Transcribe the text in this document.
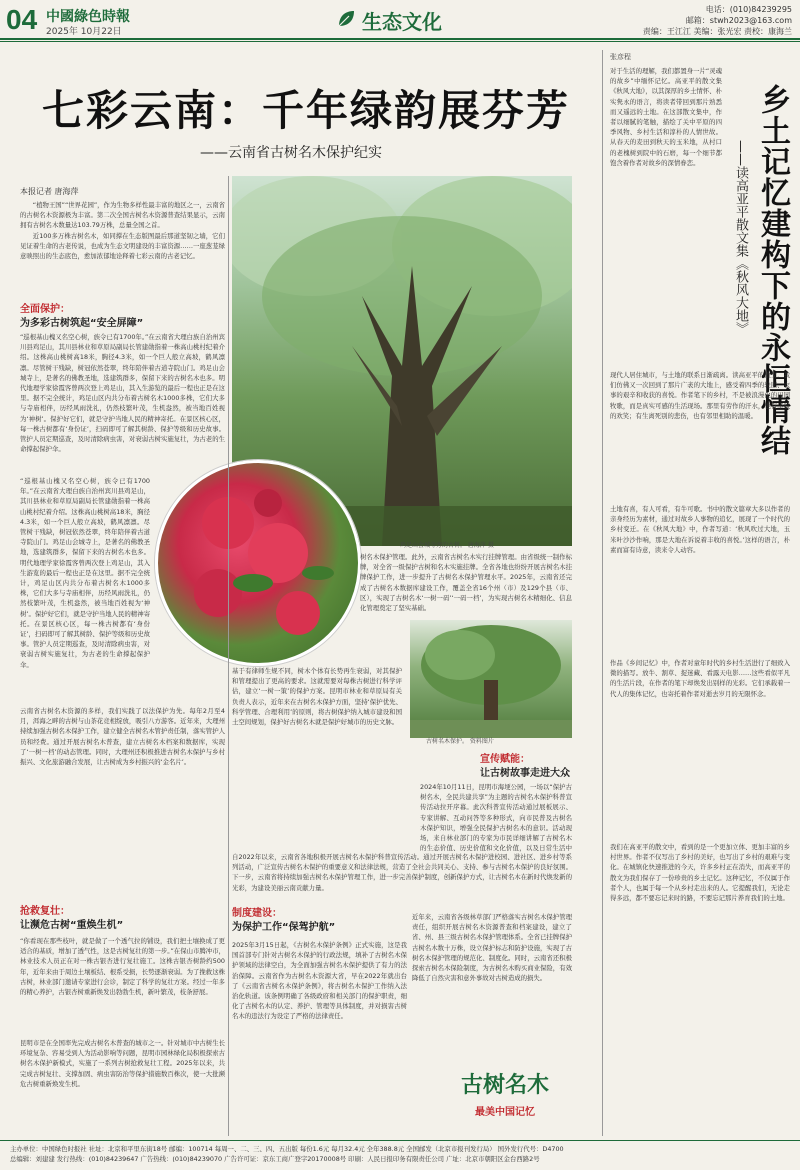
04 中國綠色時報
2025年 10月22日	生态文化
电话：(010)84239295
邮箱：stwh2023@163.com
责编：王江江 美编：张光宏 责校：康海兰
七彩云南：千年绿韵展芬芳
——云南省古树名木保护纪实
本报记者 唐海萍

“植物王国”“世界花园”，作为生物多样性最丰富的地区之一，云南省的古树名木资源极为丰富。第二次全国古树名木资源普查结果显示，云南拥有古树名木数量达103.79万株，总量全国之首。

近100多万株古树名木，如同撑在生态版图最后那道坚韧之墙，它们见证着生命的古老传说，也成为生态文明建设的丰富资源……一座葱茏绿意映照出的生态底色，愈加浓郁地诠释着七彩云南的古老记忆。

全面保护：
为多彩古树筑起“安全屏障”
“巡根基山槐又名空心树，族令已有1700年。”在云南省大理白族自治州宾川县鸡足山，其川县林业和草原局副局长管建勋指着一株高山桃村纪着介绍。这株高山桃树高18米，胸径4.3米，如一个巨人般立高坡，鹤风凛凛。尽管树干残缺，树冠依然苍翠，终年陪伴着古道寺院山门。鸡足山会城寺上，是著名的佛教圣地，选建筑群多，保留下来的古树名木也多。明代地理学家徐霞客曾两次登上鸡足山，其入生游览的最后一程也正是在这里。据不完全统计，鸡足山区内共分布着古树名木1000多株，它们大多与寺庙相伴，历经风雨洗礼，仍然枝繁叶茂，生机盎然，被当地百姓视为‘神树’。保护好它们，就是守护当地人民的精神寄托。在景区核心区，每一株古树都有‘身份证’，扫码即可了解其树龄、保护等级和历史故事。管护人员定期巡查，及时清除病虫害，对衰弱古树实施复壮，为古老的生命撑起保护伞。
“巡根基山槐又名空心树，族令已有1700年。”在云南省大理白族自治州宾川县鸡足山，其川县林业和草原局副局长管建勋指着一株高山桃村纪着介绍。这株高山桃树高18米，胸径4.3米，如一个巨人般立高坡，鹤风凛凛。尽管树干残缺，树冠依然苍翠，终年陪伴着古道寺院山门。鸡足山会城寺上，是著名的佛教圣地，选建筑群多，保留下来的古树名木也多。明代地理学家徐霞客曾两次登上鸡足山，其入生游览的最后一程也正是在这里。据不完全统计，鸡足山区内共分布着古树名木1000多株，它们大多与寺庙相伴，历经风雨洗礼，仍然枝繁叶茂，生机盎然，被当地百姓视为‘神树’。保护好它们，就是守护当地人民的精神寄托。在景区核心区，每一株古树都有‘身份证’，扫码即可了解其树龄、保护等级和历史故事。管护人员定期巡查，及时清除病虫害，对衰弱古树实施复壮，为古老的生命撑起保护伞。
云南省古树名木资源的多样，我们实践了以法保护为先。每年2月至4月，洱海之畔的古树与山茶花竞相绽放，吸引八方游客。近年来，大理州持续加强古树名木保护工作，建立健全古树名木管护责任制，落实管护人员和经费。通过开展古树名木普查，建立古树名木档案和数据库，实现了‘一树一档’的动态管理。同时，大理州还积极推进古树名木保护与乡村振兴、文化旅游融合发展，让古树成为乡村振兴的‘金名片’。
抢救复壮：
让濒危古树“重焕生机”
“你看现在那些枝叶，就是做了一个透气拉的铺设，我们把土壤换成了更适合的基质，增加了透气性，这是古树复壮的第一步。”在保山市腾冲市，林业技术人员正在对一株古银杏进行复壮施工。这株古银杏树龄约500年，近年来由于周边土壤板结、根系受损，长势逐渐衰弱。为了挽救这株古树，林业部门邀请专家进行会诊，制定了科学的复壮方案。经过一年多的精心养护，古银杏树重新焕发出勃勃生机，新叶繁茂，枝条舒展。
昆明市是在全国率先完成古树名木普查的城市之一。针对城市中古树生长环境复杂、容易受到人为活动影响等问题，昆明市园林绿化局积极探索古树名木保护新模式，实施了一系列古树抢救复壮工程。2025年以来，共完成古树复壮、支撑加固、病虫害防治等保护措施数百株次，使一大批濒危古树重新焕发生机。
鸡足山会城寺旁的古树。 唐海萍 摄
树名木保护管理。此外，云南省古树名木实行挂牌管理。由省级统一制作标牌，对全省一级保护古树和名木实施挂牌。全省各地也纷纷开展古树名木挂牌保护工作，进一步提升了古树名木保护管理水平。2025年，云南省还完成了古树名木数据库建设工作，覆盖全省16个州（市）及129个县（市、区），实现了古树名木‘一树一码’‘一码一档’，为实现古树名木精细化、信息化管理奠定了坚实基础。
基于有律师生规不同，树木个体有长势再生衰弱，对其保护和管理提出了更高的要求。这就需要对每株古树进行科学评估，建立‘一树一策’的保护方案。昆明市林业和草原局有关负责人表示，近年来在古树名木保护方面，坚持‘保护优先、科学管理、合理利用’的原则，将古树保护纳入城市建设和国土空间规划，保护好古树名木就是保护好城市的历史文脉。
古树名木保护。 资料图片
宣传赋能：
让古树故事走进大众
2024年10月11日，昆明市海埂公园，一场以“保护古树名木，全民共建共享”为主题的古树名木保护科普宣传活动拉开序幕。此次科普宣传活动通过展板展示、专家讲解、互动问答等多种形式，向市民普及古树名木保护知识，增强全民保护古树名木的意识。活动现场，来自林业部门的专家为市民详细讲解了古树名木的生态价值、历史价值和文化价值，以及日常生活中
自2022年以来，云南省各地积极开展古树名木保护科普宣传活动。通过开展古树名木保护进校园、进社区、进乡村等系列活动，广泛宣传古树名木保护的重要意义和法律法规，营造了全社会共同关心、支持、参与古树名木保护的良好氛围。下一步，云南省将持续加强古树名木保护管理工作，进一步完善保护制度，创新保护方式，让古树名木在新时代焕发新的光彩，为建设美丽云南贡献力量。
制度建设：
为保护工作“保驾护航”
2025年3月15日起，《古树名木保护条例》正式实施，这是我国首部专门针对古树名木保护的行政法规，填补了古树名木保护领域的法律空白，为全面加强古树名木保护提供了有力的法治保障。云南省作为古树名木资源大省，早在2022年就出台了《云南省古树名木保护条例》，将古树名木保护工作纳入法治化轨道。该条例明确了各级政府和相关部门的保护职责，细化了古树名木的认定、养护、管理等具体制度，并对损害古树名木的违法行为设定了严格的法律责任。
近年来，云南省各级林草部门严格落实古树名木保护管理责任，组织开展古树名木资源普查和档案建设，建立了省、州、县三级古树名木保护管理体系。全省已挂牌保护古树名木数十万株，设立保护标志和防护设施，实现了古树名木保护管理的规范化、制度化。同时，云南省还积极探索古树名木保险制度，为古树名木购买商业保险，有效降低了自然灾害和意外事故对古树造成的损失。
古树名木
最美中国记忆
张彦程
乡土记忆建构下的永恒情结
——读高亚平散文集《秋风大地》
对于生活的理解，我们都置身一片“灵魂的故乡”中缅怀记忆。高亚平的散文集《秋风大地》，以其深厚的乡土情怀、朴实隽永的语言，将读者带回到那片熟悉而又遥远的土地。在这部散文集中，作者以细腻的笔触，描绘了关中平原的四季风物、乡村生活和淳朴的人情世故。从春天的麦田到秋天的玉米地，从村口的老槐树到院中的石磨，每一个细节都饱含着作者对故乡的深情眷恋。
现代人居住城市，与土地的联系日渐疏离。读高亚平的散文，我们仿佛又一次回到了那片广袤的大地上，感受着四季的轮回、农事的艰辛和收获的喜悦。作者笔下的乡村，不是被浪漫化的田园牧歌，而是真实可感的生活现场。那里有劳作的汗水，也有丰收的欢笑；有生离死别的悲伤，也有邻里相助的温暖。
土地有喜，有人可看，有牛可歌。书中的散文篇章大多以作者的亲身经历为素材，通过对故乡人事物的追忆，展现了一个时代的乡村变迁。在《秋风大地》中，作者写道：‘秋风吹过大地，玉米叶沙沙作响，那是大地在诉说着丰收的喜悦。’这样的语言，朴素而富有诗意，读来令人动容。
作品《乡间记忆》中，作者对童年时代的乡村生活进行了细致入微的描写。放牛、割草、捉迷藏、看露天电影……这些看似平凡的生活片段，在作者的笔下却焕发出别样的光彩。它们承载着一代人的集体记忆，也寄托着作者对逝去岁月的无限怀念。
我们在高亚平的散文中，看到的是一个更加立体、更加丰富的乡村世界。作者不仅写出了乡村的美好，也写出了乡村的艰难与变化。在城镇化快速推进的今天，许多乡村正在消失，而高亚平的散文为我们保存了一份珍贵的乡土记忆。这种记忆，不仅属于作者个人，也属于每一个从乡村走出来的人。它提醒我们，无论走得多远，都不要忘记来时的路，不要忘记那片养育我们的土地。
主办单位：中国绿色时报社 社址：北京和平里东街18号 邮编：100714 每周一、二、三、四、五出版 每份1.6元 每月32.4元 全年388.8元 全国邮发（北京市报刊发行局） 国外发行代号：D4700
总编辑：刘建建 发行热线：(010)84239647 广告热线：(010)84239070 广告许可证：京东工商广登字20170008号 印刷：人民日报印务有限责任公司 广址：北京市朝阳区金台西路2号
